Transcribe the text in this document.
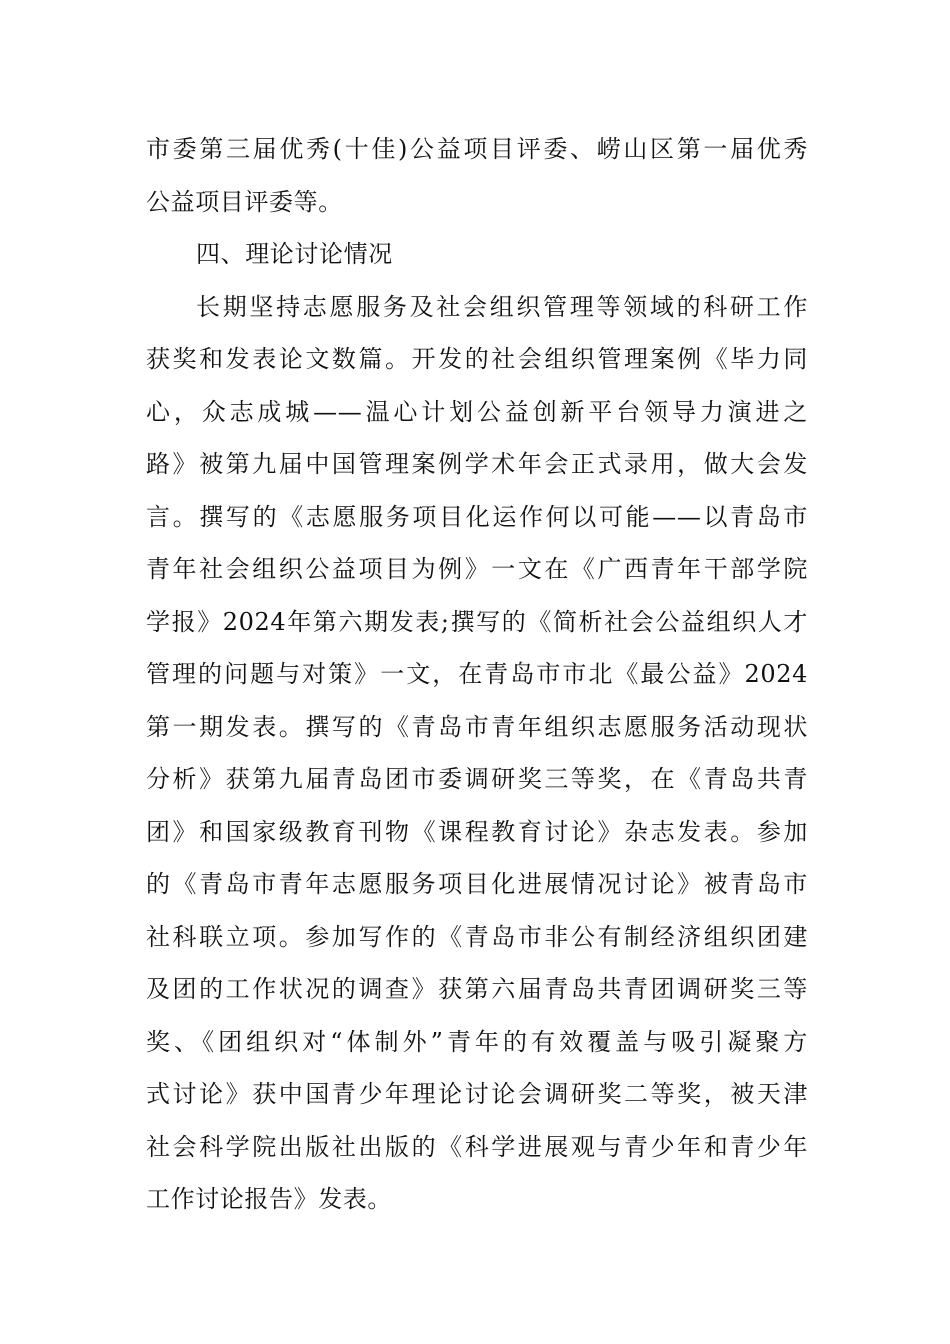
市委第三届优秀(十佳)公益项目评委、崂山区第一届优秀
公益项目评委等。
四、理论讨论情况
长期坚持志愿服务及社会组织管理等领域的科研工作
获奖和发表论文数篇。开发的社会组织管理案例《毕力同
心，众志成城——温心计划公益创新平台领导力演进之
路》被第九届中国管理案例学术年会正式录用，做大会发
言。撰写的《志愿服务项目化运作何以可能——以青岛市
青年社会组织公益项目为例》一文在《广西青年干部学院
学报》2024年第六期发表;撰写的《简析社会公益组织人才
管理的问题与对策》一文，在青岛市市北《最公益》2024
第一期发表。撰写的《青岛市青年组织志愿服务活动现状
分析》获第九届青岛团市委调研奖三等奖，在《青岛共青
团》和国家级教育刊物《课程教育讨论》杂志发表。参加
的《青岛市青年志愿服务项目化进展情况讨论》被青岛市
社科联立项。参加写作的《青岛市非公有制经济组织团建
及团的工作状况的调查》获第六届青岛共青团调研奖三等
奖、《团组织对“体制外”青年的有效覆盖与吸引凝聚方
式讨论》获中国青少年理论讨论会调研奖二等奖，被天津
社会科学院出版社出版的《科学进展观与青少年和青少年
工作讨论报告》发表。
